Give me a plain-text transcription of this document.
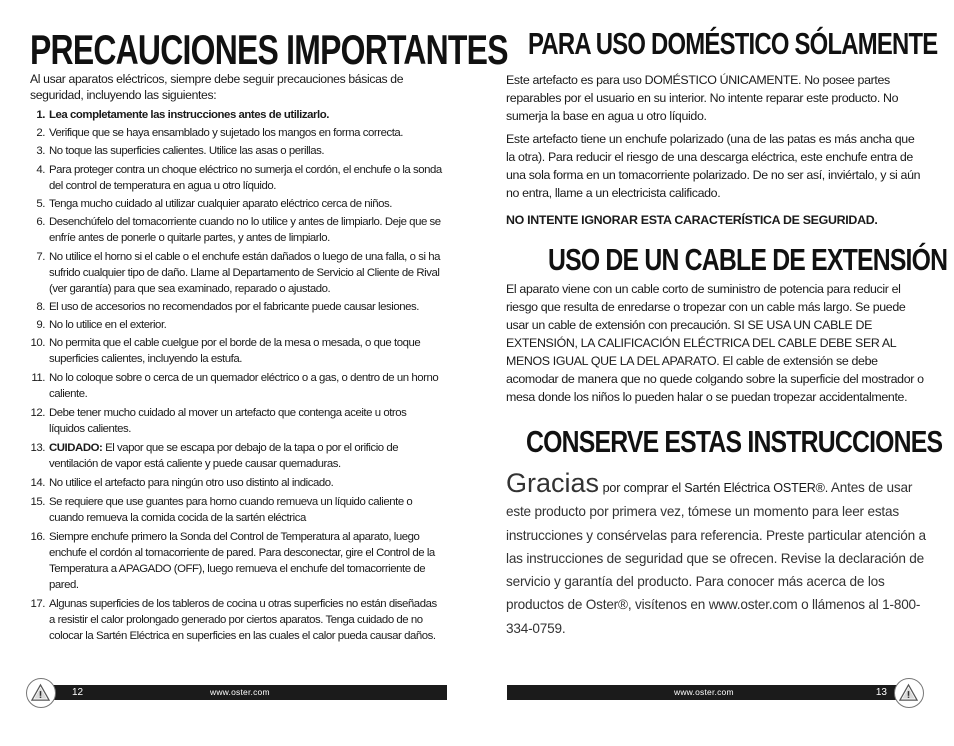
PRECAUCIONES IMPORTANTES

Al usar aparatos eléctricos, siempre debe seguir precauciones básicas de seguridad, incluyendo las siguientes:

1. Lea completamente las instrucciones antes de utilizarlo.
2. Verifique que se haya ensamblado y sujetado los mangos en forma correcta.
3. No toque las superficies calientes. Utilice las asas o perillas.
4. Para proteger contra un choque eléctrico no sumerja el cordón, el enchufe o la sonda del control de temperatura en agua u otro líquido.
5. Tenga mucho cuidado al utilizar cualquier aparato eléctrico cerca de niños.
6. Desenchúfelo del tomacorriente cuando no lo utilice y antes de limpiarlo. Deje que se enfríe antes de ponerle o quitarle partes, y antes de limpiarlo.
7. No utilice el horno si el cable o el enchufe están dañados o luego de una falla, o si ha sufrido cualquier tipo de daño. Llame al Departamento de Servicio al Cliente de Rival (ver garantía) para que sea examinado, reparado o ajustado.
8. El uso de accesorios no recomendados por el fabricante puede causar lesiones.
9. No lo utilice en el exterior.
10. No permita que el cable cuelgue por el borde de la mesa o mesada, o que toque superficies calientes, incluyendo la estufa.
11. No lo coloque sobre o cerca de un quemador eléctrico o a gas, o dentro de un horno caliente.
12. Debe tener mucho cuidado al mover un artefacto que contenga aceite u otros líquidos calientes.
13. CUIDADO: El vapor que se escapa por debajo de la tapa o por el orificio de ventilación de vapor está caliente y puede causar quemaduras.
14. No utilice el artefacto para ningún otro uso distinto al indicado.
15. Se requiere que use guantes para horno cuando remueva un líquido caliente o cuando remueva la comida cocida de la sartén eléctrica
16. Siempre enchufe primero la Sonda del Control de Temperatura al aparato, luego enchufe el cordón al tomacorriente de pared. Para desconectar, gire el Control de la Temperatura a APAGADO (OFF), luego remueva el enchufe del tomacorriente de pared.
17. Algunas superficies de los tableros de cocina u otras superficies no están diseñadas a resistir el calor prolongado generado por ciertos aparatos. Tenga cuidado de no colocar la Sartén Eléctrica en superficies en las cuales el calor pueda causar daños.
PARA USO DOMÉSTICO SÓLAMENTE

Este artefacto es para uso DOMÉSTICO ÚNICAMENTE. No posee partes reparables por el usuario en su interior. No intente reparar este producto. No sumerja la base en agua u otro líquido.

Este artefacto tiene un enchufe polarizado (una de las patas es más ancha que la otra). Para reducir el riesgo de una descarga eléctrica, este enchufe entra de una sola forma en un tomacorriente polarizado. De no ser así, inviértalo, y si aún no entra, llame a un electricista calificado.

NO INTENTE IGNORAR ESTA CARACTERÍSTICA DE SEGURIDAD.

USO DE UN CABLE DE EXTENSIÓN

El aparato viene con un cable corto de suministro de potencia para reducir el riesgo que resulta de enredarse o tropezar con un cable más largo. Se puede usar un cable de extensión con precaución. SI SE USA UN CABLE DE EXTENSIÓN, LA CALIFICACIÓN ELÉCTRICA DEL CABLE DEBE SER AL MENOS IGUAL QUE LA DEL APARATO. El cable de extensión se debe acomodar de manera que no quede colgando sobre la superficie del mostrador o mesa donde los niños lo pueden halar o se puedan tropezar accidentalmente.

CONSERVE ESTAS INSTRUCCIONES

Gracias por comprar el Sartén Eléctrica OSTER®. Antes de usar este producto por primera vez, tómese un momento para leer estas instrucciones y consérvelas para referencia. Preste particular atención a las instrucciones de seguridad que se ofrecen. Revise la declaración de servicio y garantía del producto. Para conocer más acerca de los productos de Oster®, visítenos en www.oster.com o llámenos al 1-800-334-0759.

12	www.oster.com	www.oster.com	13
